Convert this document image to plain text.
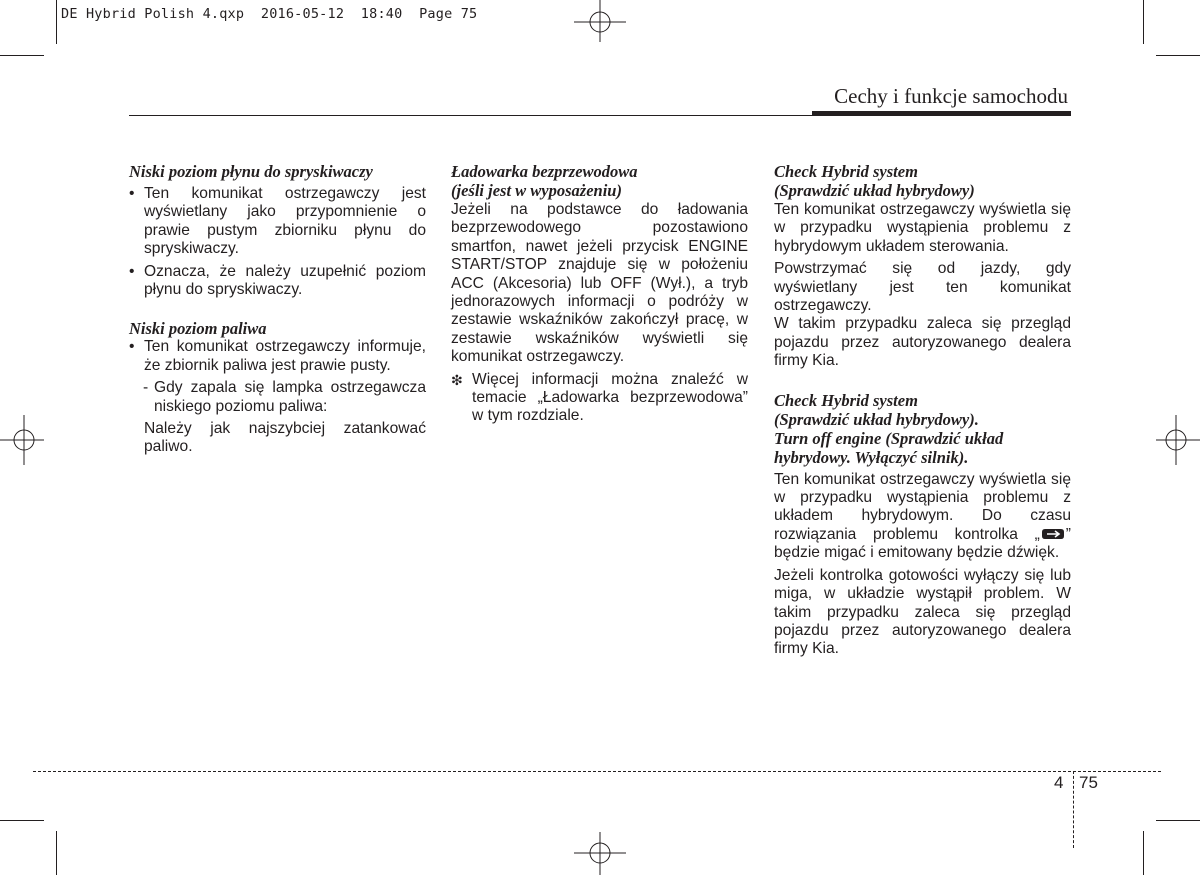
DE Hybrid Polish 4.qxp  2016-05-12  18:40  Page 75
Cechy i funkcje samochodu
Niski poziom płynu do spryskiwaczy
• Ten komunikat ostrzegawczy jest wyświetlany jako przypomnienie o prawie pustym zbiorniku płynu do spryskiwaczy.
• Oznacza, że należy uzupełnić poziom płynu do spryskiwaczy.
Niski poziom paliwa
• Ten komunikat ostrzegawczy informuje, że zbiornik paliwa jest prawie pusty.
- Gdy zapala się lampka ostrzegawcza niskiego poziomu paliwa:
Należy jak najszybciej zatankować paliwo.
Ładowarka bezprzewodowa
(jeśli jest w wyposażeniu)

Jeżeli na podstawce do ładowania bezprzewodowego pozostawiono smartfon, nawet jeżeli przycisk ENGINE START/STOP znajduje się w położeniu ACC (Akcesoria) lub OFF (Wył.), a tryb jednorazowych informacji o podróży w zestawie wskaźników zakończył pracę, w zestawie wskaźników wyświetli się komunikat ostrzegawczy.

❇ Więcej informacji można znaleźć w temacie „Ładowarka bezprzewodowa” w tym rozdziale.
Check Hybrid system
(Sprawdzić układ hybrydowy)

Ten komunikat ostrzegawczy wyświetla się w przypadku wystąpienia problemu z hybrydowym układem sterowania.

Powstrzymać się od jazdy, gdy wyświetlany jest ten komunikat ostrzegawczy.

W takim przypadku zaleca się przegląd pojazdu przez autoryzowanego dealera firmy Kia.

Check Hybrid system
(Sprawdzić układ hybrydowy).
Turn off engine (Sprawdzić układ
hybrydowy. Wyłączyć silnik).

Ten komunikat ostrzegawczy wyświetla się w przypadku wystąpienia problemu z układem hybrydowym. Do czasu rozwiązania problemu kontrolka „ ” będzie migać i emitowany będzie dźwięk.

Jeżeli kontrolka gotowości wyłączy się lub miga, w układzie wystąpił problem. W takim przypadku zaleca się przegląd pojazdu przez autoryzowanego dealera firmy Kia.

4 75
